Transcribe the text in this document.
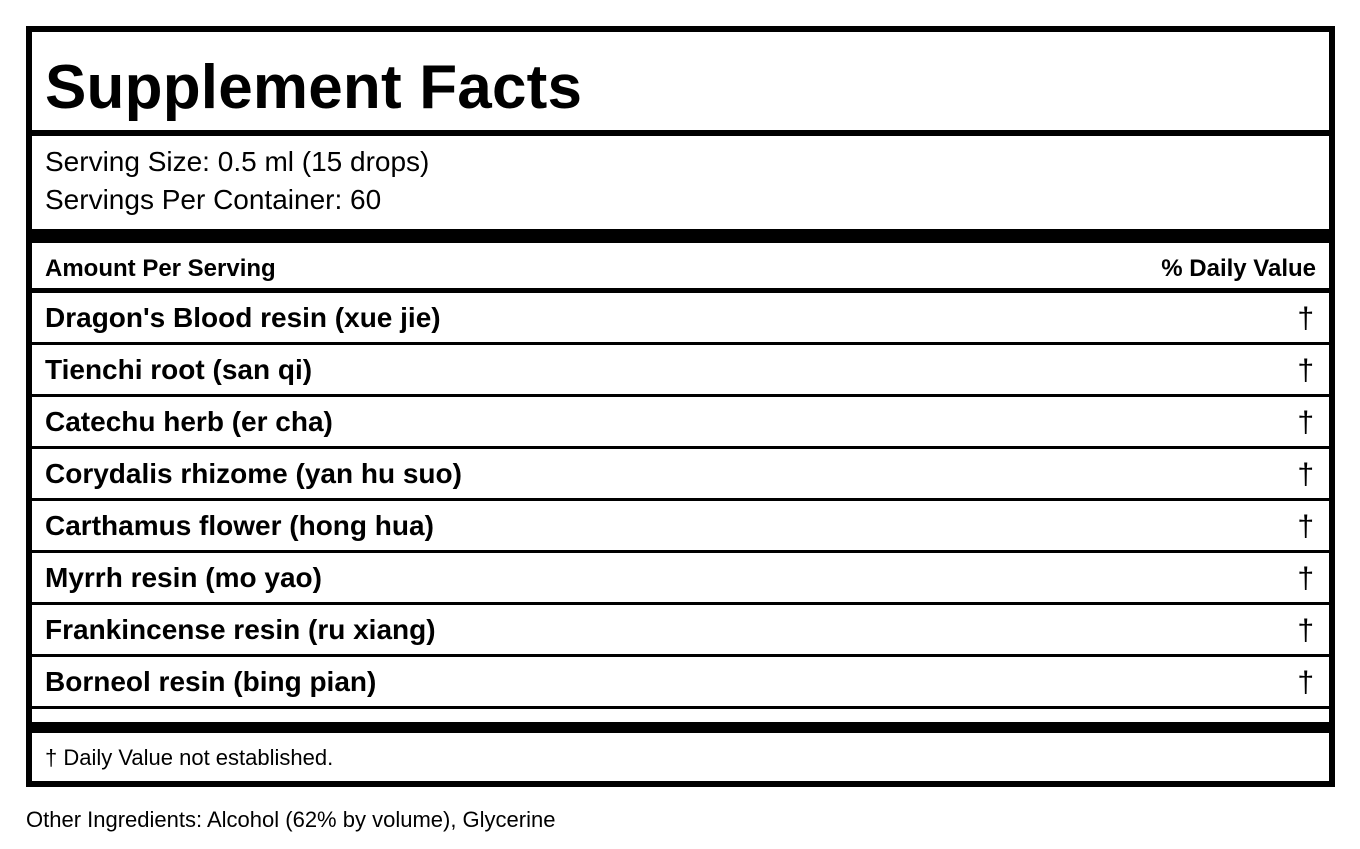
Supplement Facts
Serving Size: 0.5 ml (15 drops)
Servings Per Container: 60
Amount Per Serving	% Daily Value
Dragon's Blood resin (xue jie)	†
Tienchi root (san qi)	†
Catechu herb (er cha)	†
Corydalis rhizome (yan hu suo)	†
Carthamus flower (hong hua)	†
Myrrh resin (mo yao)	†
Frankincense resin (ru xiang)	†
Borneol resin (bing pian)	†
† Daily Value not established.
Other Ingredients: Alcohol (62% by volume), Glycerine
